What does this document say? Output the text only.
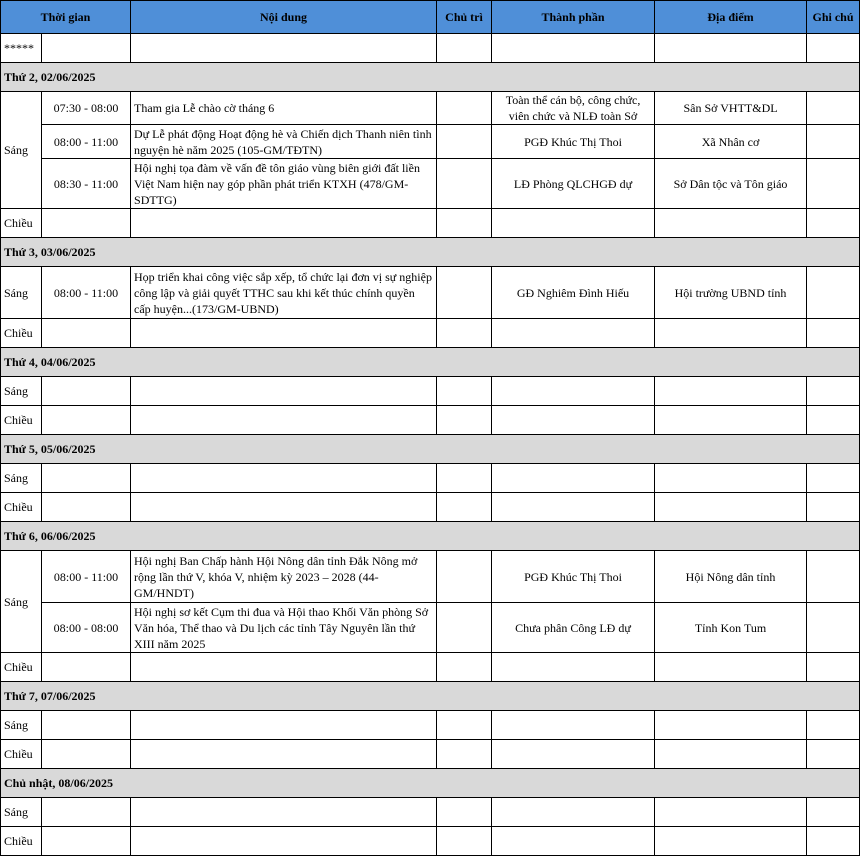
Thời gian		Nội dung	Chủ trì	Thành phần	Địa điểm	Ghi chú
*****						
Thứ 2, 02/06/2025						
Sáng	07:30 - 08:00	Tham gia Lễ chào cờ tháng 6		Toàn thể cán bộ, công chức, viên chức và NLĐ toàn Sở	Sân Sở VHTT&DL	
	08:00 - 11:00	Dự Lễ phát động Hoạt động hè và Chiến dịch Thanh niên tình nguyện hè năm 2025 (105-GM/TĐTN)		PGĐ Khúc Thị Thoi	Xã Nhân cơ	
	08:30 - 11:00	Hội nghị tọa đàm về vấn đề tôn giáo vùng biên giới đất liền Việt Nam hiện nay góp phần phát triển KTXH (478/GM-SDTTG)		LĐ Phòng QLCHGĐ dự	Sở Dân tộc và Tôn giáo	
Chiều						
Thứ 3, 03/06/2025						
Sáng	08:00 - 11:00	Họp triển khai công việc sắp xếp, tổ chức lại đơn vị sự nghiệp công lập và giải quyết TTHC sau khi kết thúc chính quyền cấp huyện...(173/GM-UBND)		GĐ Nghiêm Đình Hiếu	Hội trường UBND tỉnh	
Chiều						
Thứ 4, 04/06/2025						
Sáng						
Chiều						
Thứ 5, 05/06/2025						
Sáng						
Chiều						
Thứ 6, 06/06/2025						
Sáng	08:00 - 11:00	Hội nghị Ban Chấp hành Hội Nông dân tỉnh Đắk Nông mở rộng lần thứ V, khóa V, nhiệm kỳ 2023 – 2028 (44-GM/HNDT)		PGĐ Khúc Thị Thoi	Hội Nông dân tỉnh	
	08:00 - 08:00	Hội nghị sơ kết Cụm thi đua và Hội thao Khối Văn phòng Sở Văn hóa, Thể thao và Du lịch các tỉnh Tây Nguyên lần thứ XIII năm 2025		Chưa phân Công LĐ dự	Tỉnh Kon Tum	
Chiều						
Thứ 7, 07/06/2025						
Sáng						
Chiều						
Chủ nhật, 08/06/2025						
Sáng						
Chiều						
